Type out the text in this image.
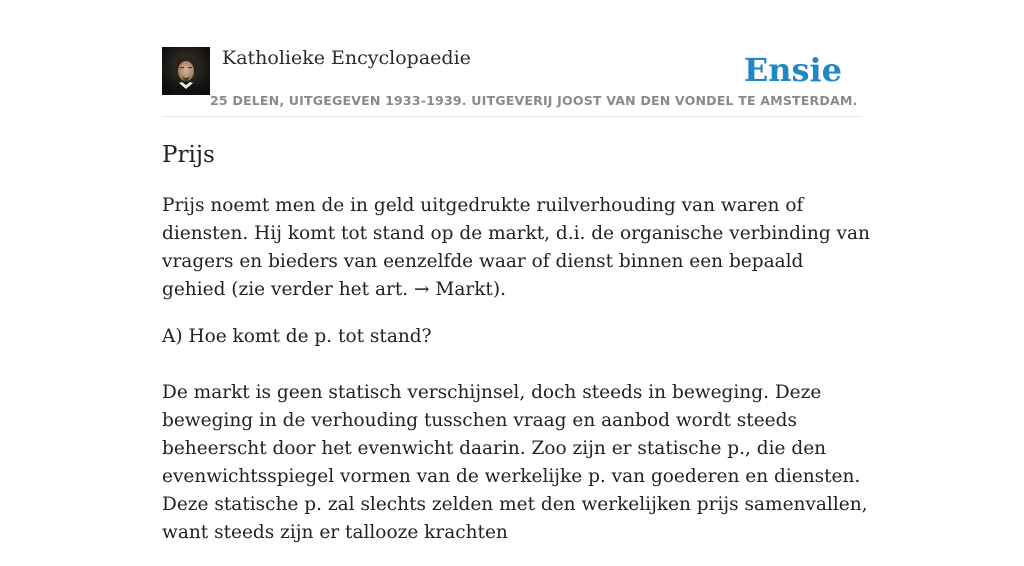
Katholieke Encyclopaedie	Ensie
25 DELEN, UITGEGEVEN 1933-1939. UITGEVERIJ JOOST VAN DEN VONDEL TE AMSTERDAM.
Prijs

Prijs noemt men de in geld uitgedrukte ruilverhouding van waren of diensten. Hij komt tot stand op de markt, d.i. de organische verbinding van vragers en bieders van eenzelfde waar of dienst binnen een bepaald gehied (zie verder het art. → Markt).

A) Hoe komt de p. tot stand?

De markt is geen statisch verschijnsel, doch steeds in beweging. Deze beweging in de verhouding tusschen vraag en aanbod wordt steeds beheerscht door het evenwicht daarin. Zoo zijn er statische p., die den evenwichtsspiegel vormen van de werkelijke p. van goederen en diensten. Deze statische p. zal slechts zelden met den werkelijken prijs samenvallen, want steeds zijn er tallooze krachten
